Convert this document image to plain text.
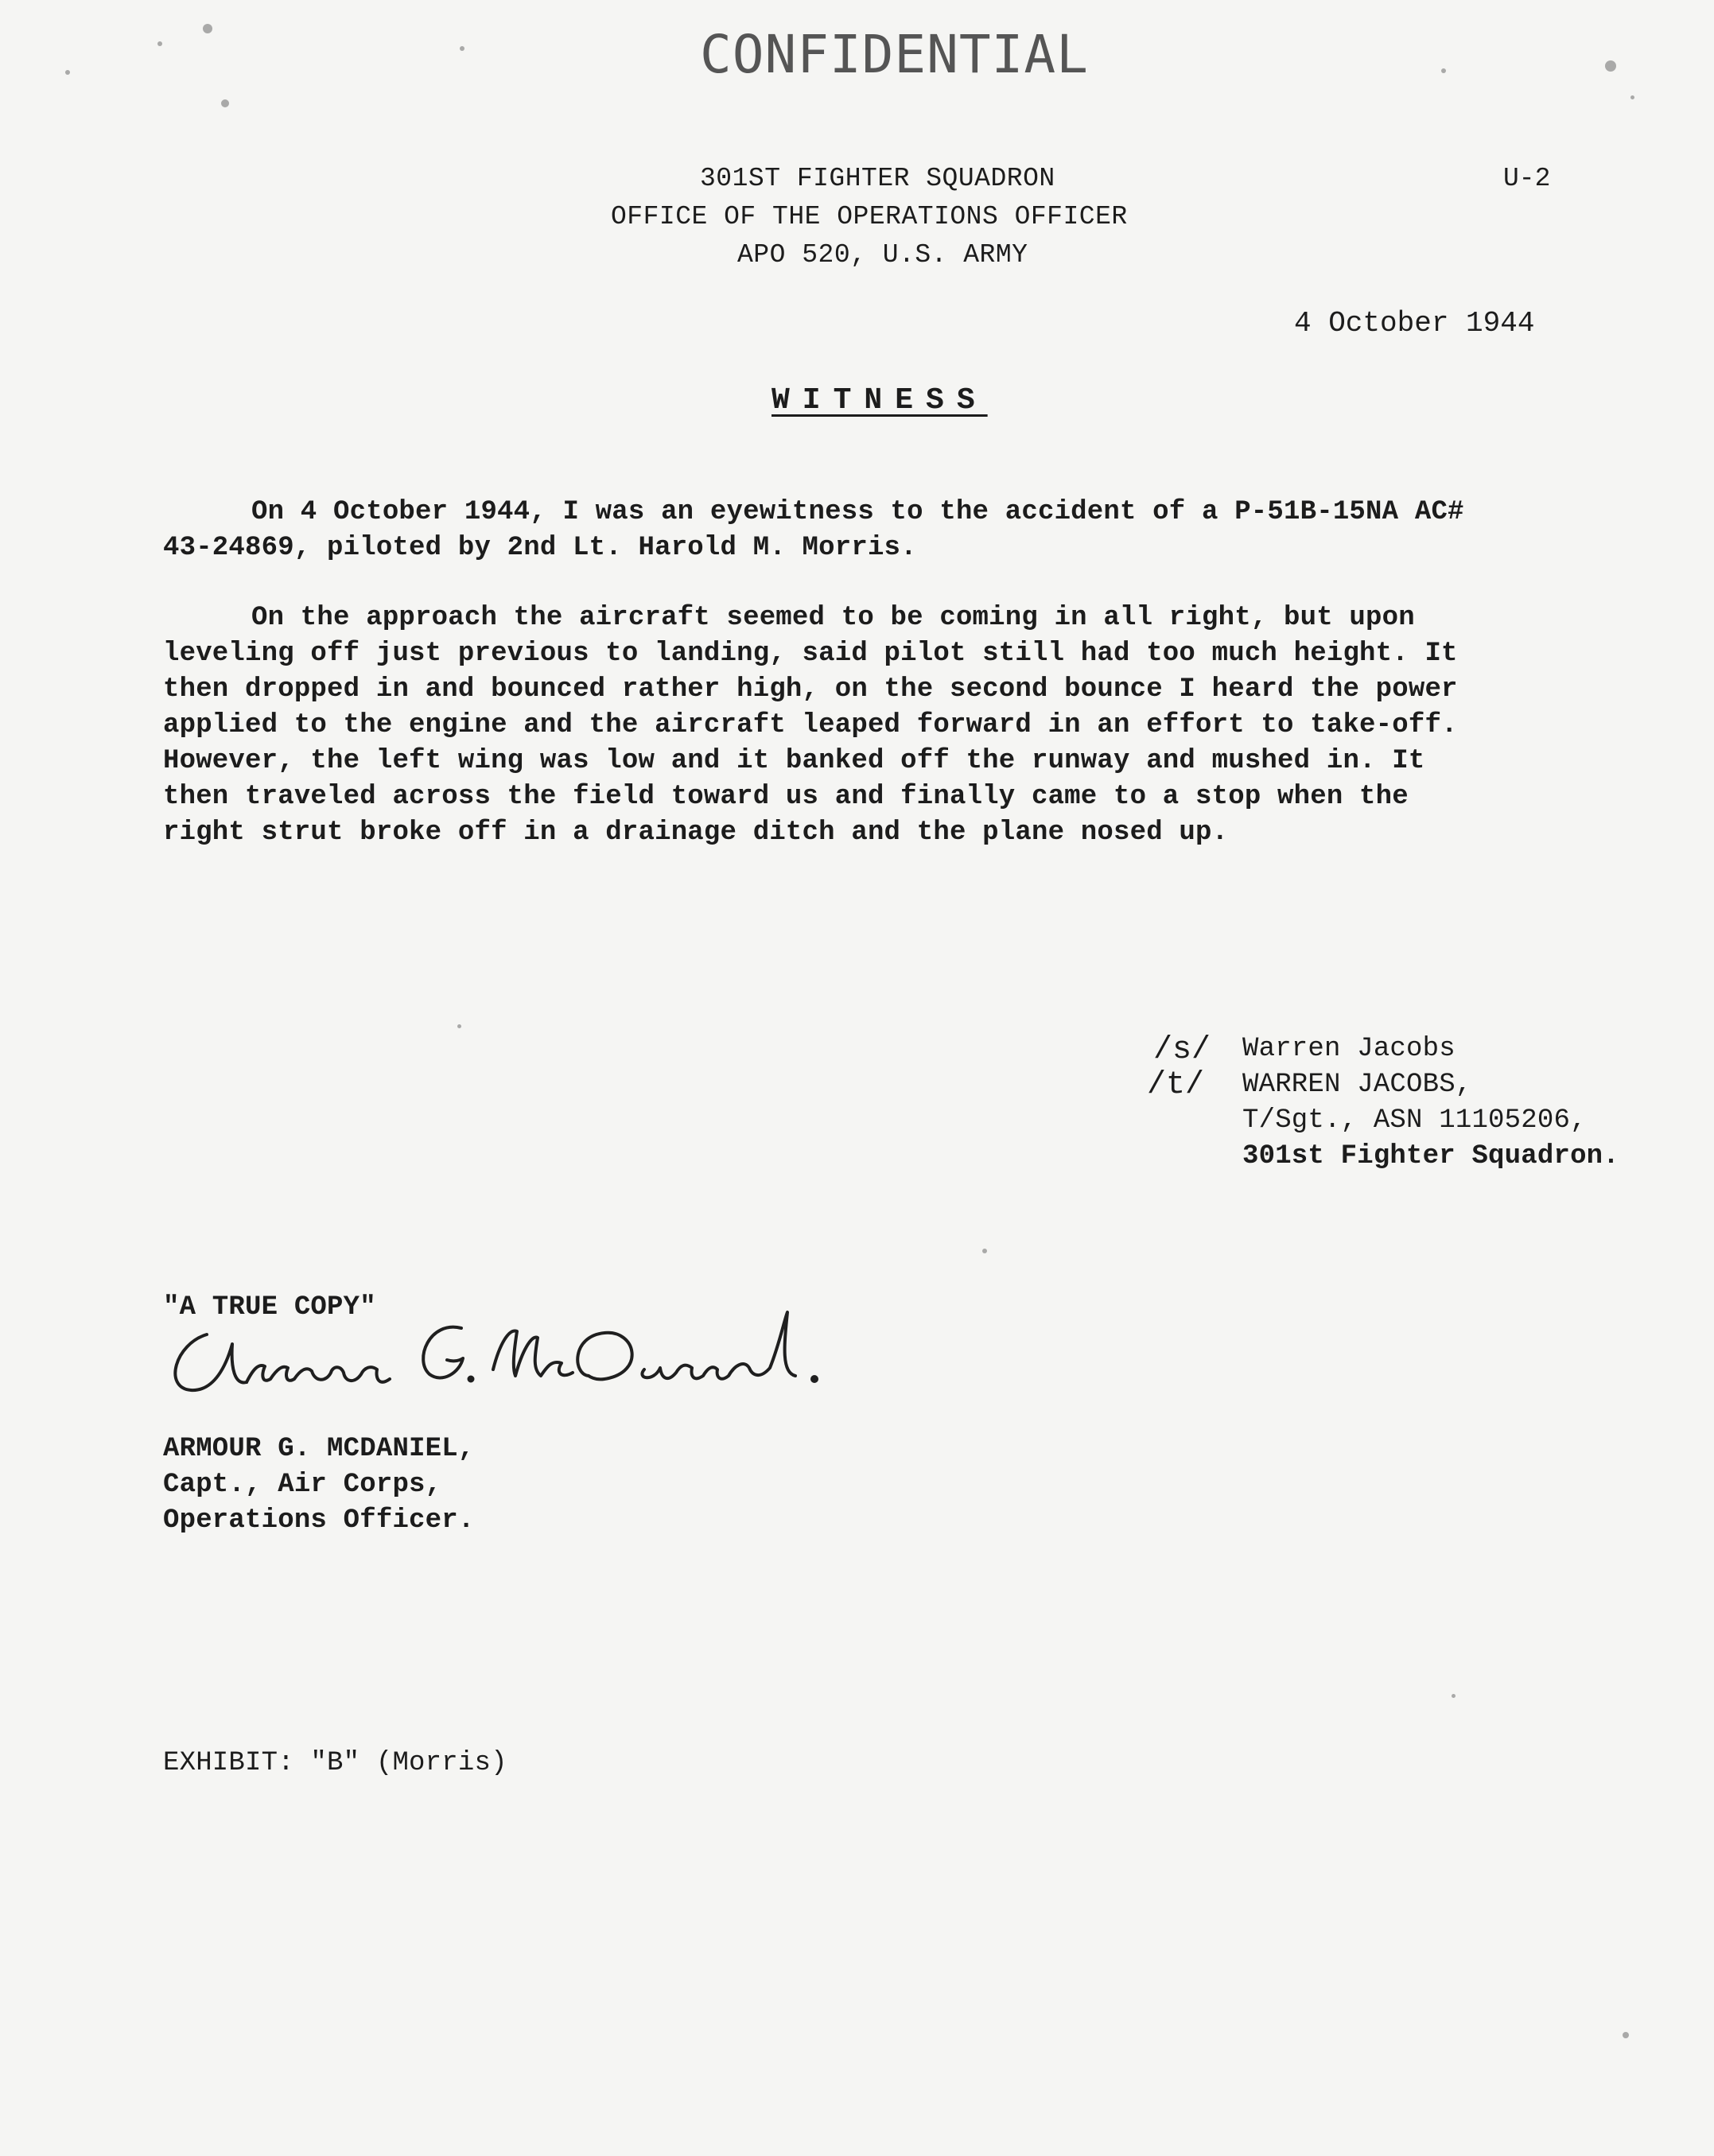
CONFIDENTIAL
301ST FIGHTER SQUADRON
OFFICE OF THE OPERATIONS OFFICER
APO 520, U.S. ARMY
U-2
4 October 1944
WITNESS
On 4 October 1944, I was an eyewitness to the accident of a P-51B-15NA AC#
43-24869, piloted by 2nd Lt. Harold M. Morris.
On the approach the aircraft seemed to be coming in all right, but upon
leveling off just previous to landing, said pilot still had too much height. It
then dropped in and bounced rather high, on the second bounce I heard the power
applied to the engine and the aircraft leaped forward in an effort to take-off.
However, the left wing was low and it banked off the runway and mushed in. It
then traveled across the field toward us and finally came to a stop when the
right strut broke off in a drainage ditch and the plane nosed up.
/s/
/t/
Warren Jacobs
WARREN JACOBS,
T/Sgt., ASN 11105206,
301st Fighter Squadron.
"A TRUE COPY"
ARMOUR G. MCDANIEL,
Capt., Air Corps,
Operations Officer.
EXHIBIT: "B" (Morris)
